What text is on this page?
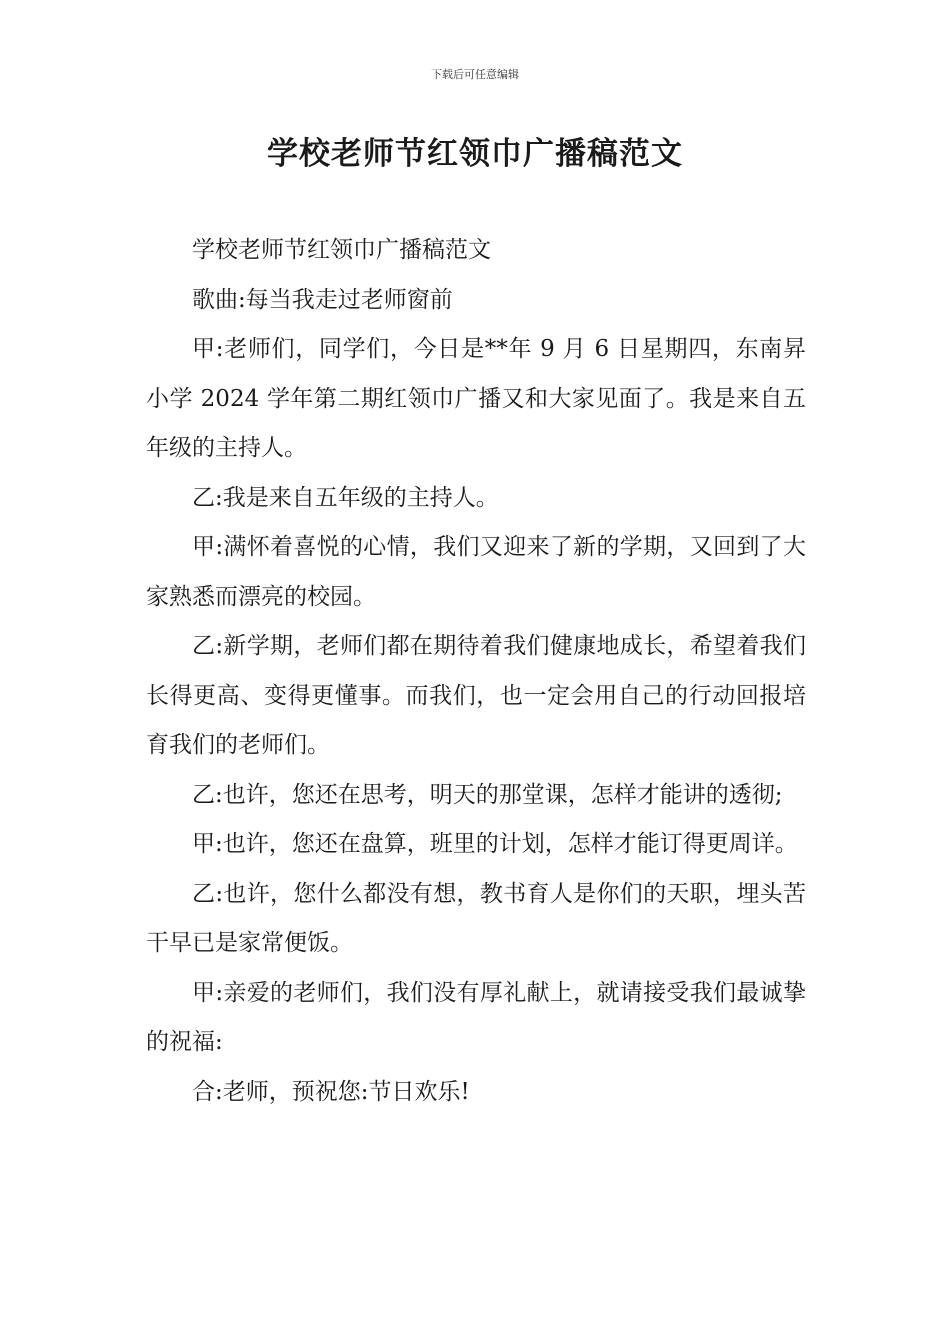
下载后可任意编辑
学校老师节红领巾广播稿范文

学校老师节红领巾广播稿范文

歌曲:每当我走过老师窗前

甲:老师们，同学们，今日是**年 9 月 6 日星期四，东南昇小学 2024 学年第二期红领巾广播又和大家见面了。我是来自五年级的主持人。

乙:我是来自五年级的主持人。

甲:满怀着喜悦的心情，我们又迎来了新的学期，又回到了大家熟悉而漂亮的校园。

乙:新学期，老师们都在期待着我们健康地成长，希望着我们长得更高、变得更懂事。而我们，也一定会用自己的行动回报培育我们的老师们。

乙:也许，您还在思考，明天的那堂课，怎样才能讲的透彻;

甲:也许，您还在盘算，班里的计划，怎样才能订得更周详。

乙:也许，您什么都没有想，教书育人是你们的天职，埋头苦干早已是家常便饭。

甲:亲爱的老师们，我们没有厚礼献上，就请接受我们最诚挚的祝福:

合:老师，预祝您:节日欢乐!
